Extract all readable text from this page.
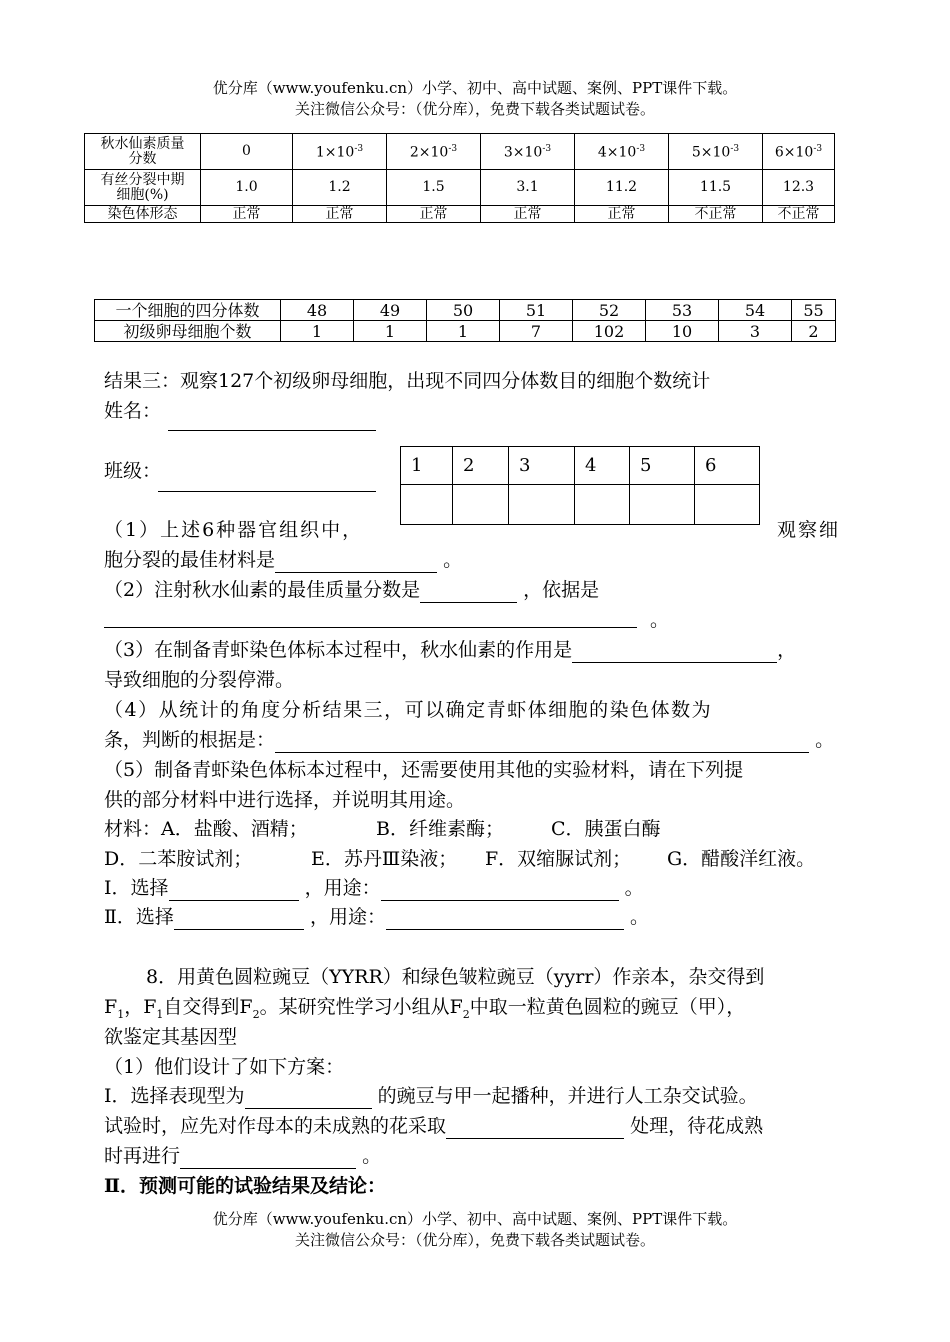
优分库（www.youfenku.cn）小学、初中、高中试题、案例、PPT课件下载。
关注微信公众号：（优分库），免费下载各类试题试卷。
秋水仙素质量分数	0	$1\times 10^{-3}$	$2\times 10^{-3}$	$3\times 10^{-3}$	$4\times 10^{-3}$	$5\times 10^{-3}$	$6\times 10^{-3}$
有丝分裂中期细胞(%)	1.0	1.2	1.5	3.1	11.2	11.5	12.3
染色体形态	正常	正常	正常	正常	正常	不正常	不正常
一个细胞的四分体数	48	49	50	51	52	53	54	55
初级卵母细胞个数	1	1	1	7	102	10	3	2
结果三：观察127个初级卵母细胞，出现不同四分体数目的细胞个数统计
姓名：
班级：	1	2	3	4	5	6

（1）上述6种器官组织中，	观察细
胞分裂的最佳材料是	。
（2）注射秋水仙素的最佳质量分数是	，依据是
。
（3）在制备青虾染色体标本过程中，秋水仙素的作用是	，
导致细胞的分裂停滞。
（4）从统计的角度分析结果三，可以确定青虾体细胞的染色体数为
条，判断的根据是：	。
（5）制备青虾染色体标本过程中，还需要使用其他的实验材料，请在下列提
供的部分材料中进行选择，并说明其用途。
材料：A．盐酸、酒精；	B．纤维素酶； C．胰蛋白酶
D．二苯胺试剂；	E．苏丹Ⅲ染液； F．双缩脲试剂； G．醋酸洋红液。
Ⅰ．选择	，用途：	。
Ⅱ．选择	，用途：	。
8．用黄色圆粒豌豆（YYRR）和绿色皱粒豌豆（yyrr）作亲本，杂交得到
$F_1$，$F_1$自交得到$F_2$。某研究性学习小组从$F_2$中取一粒黄色圆粒的豌豆（甲），
欲鉴定其基因型
（1）他们设计了如下方案：
Ⅰ．选择表现型为	的豌豆与甲一起播种，并进行人工杂交试验。
试验时，应先对作母本的未成熟的花采取	处理，待花成熟
时再进行	。
Ⅱ．预测可能的试验结果及结论：
优分库（www.youfenku.cn）小学、初中、高中试题、案例、PPT课件下载。
关注微信公众号：（优分库），免费下载各类试题试卷。
